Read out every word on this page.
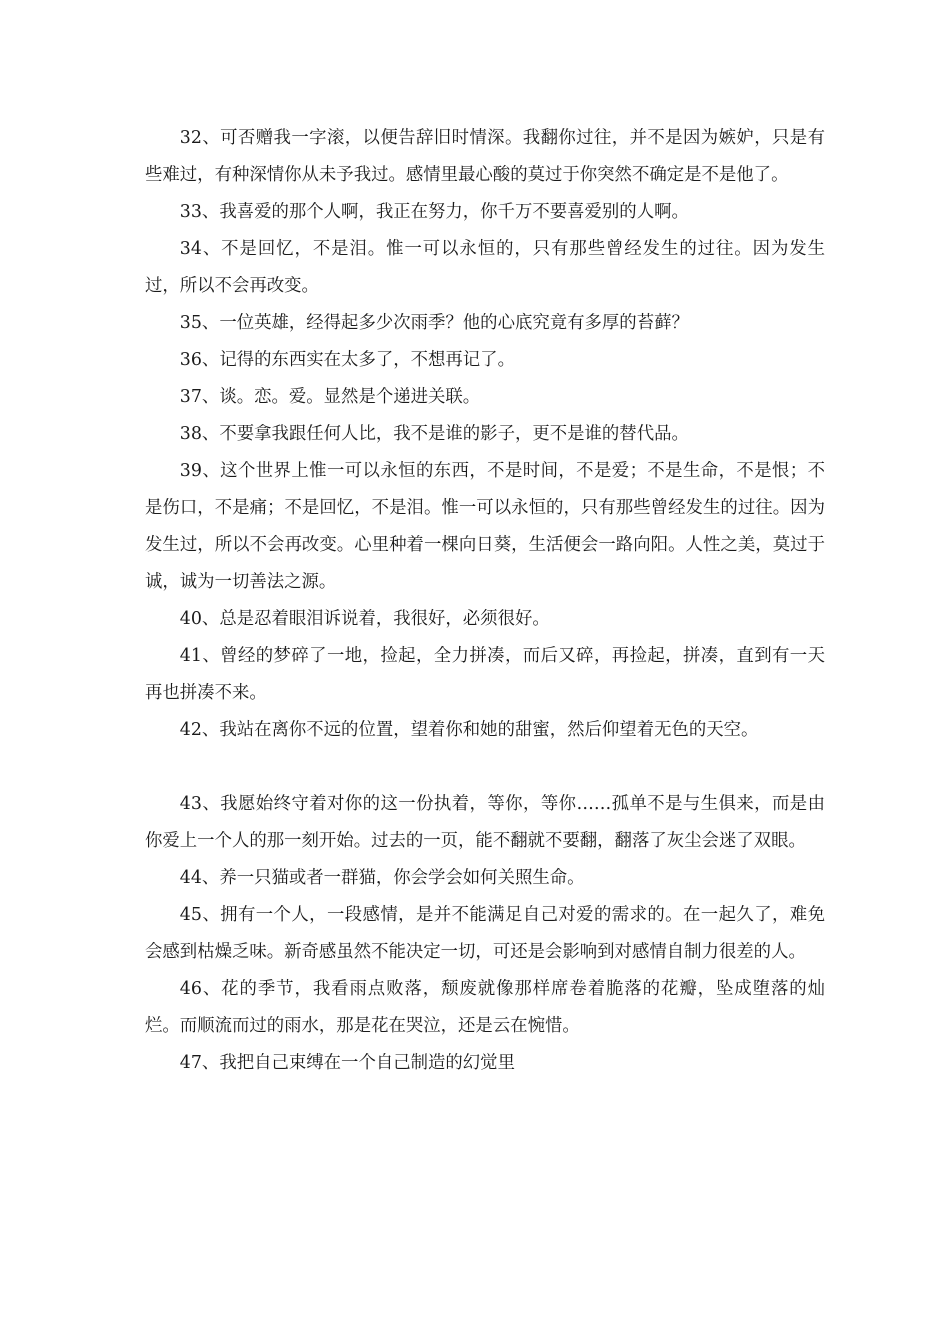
32、可否赠我一字滚，以便告辞旧时情深。我翻你过往，并不是因为嫉妒，只是有些难过，有种深情你从未予我过。感情里最心酸的莫过于你突然不确定是不是他了。

33、我喜爱的那个人啊，我正在努力，你千万不要喜爱别的人啊。

34、不是回忆，不是泪。惟一可以永恒的，只有那些曾经发生的过往。因为发生过，所以不会再改变。

35、一位英雄，经得起多少次雨季？他的心底究竟有多厚的苔藓？

36、记得的东西实在太多了，不想再记了。

37、谈。恋。爱。显然是个递进关联。

38、不要拿我跟任何人比，我不是谁的影子，更不是谁的替代品。

39、这个世界上惟一可以永恒的东西，不是时间，不是爱；不是生命，不是恨；不是伤口，不是痛；不是回忆，不是泪。惟一可以永恒的，只有那些曾经发生的过往。因为发生过，所以不会再改变。心里种着一棵向日葵，生活便会一路向阳。人性之美，莫过于诚，诚为一切善法之源。

40、总是忍着眼泪诉说着，我很好，必须很好。

41、曾经的梦碎了一地，捡起，全力拼凑，而后又碎，再捡起，拼凑，直到有一天再也拼凑不来。

42、我站在离你不远的位置，望着你和她的甜蜜，然后仰望着无色的天空。

43、我愿始终守着对你的这一份执着，等你，等你……孤单不是与生俱来，而是由你爱上一个人的那一刻开始。过去的一页，能不翻就不要翻，翻落了灰尘会迷了双眼。

44、养一只猫或者一群猫，你会学会如何关照生命。

45、拥有一个人，一段感情，是并不能满足自己对爱的需求的。在一起久了，难免会感到枯燥乏味。新奇感虽然不能决定一切，可还是会影响到对感情自制力很差的人。

46、花的季节，我看雨点败落，颓废就像那样席卷着脆落的花瓣，坠成堕落的灿烂。而顺流而过的雨水，那是花在哭泣，还是云在惋惜。

47、我把自己束缚在一个自己制造的幻觉里
